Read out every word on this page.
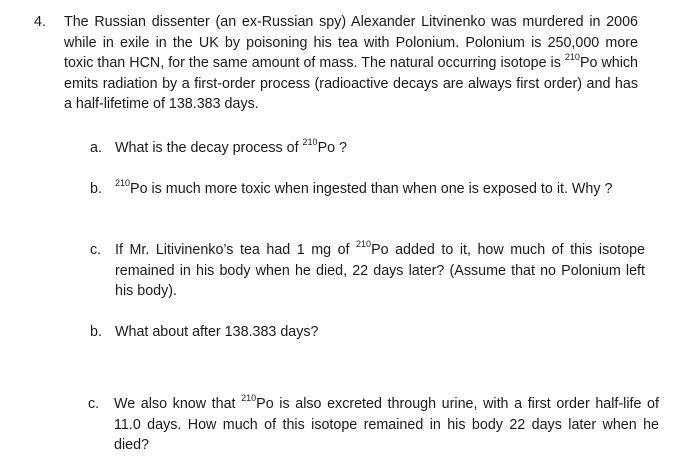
4. The Russian dissenter (an ex-Russian spy) Alexander Litvinenko was murdered in 2006 while in exile in the UK by poisoning his tea with Polonium. Polonium is 250,000 more toxic than HCN, for the same amount of mass. The natural occurring isotope is $^{210}$Po which emits radiation by a first-order process (radioactive decays are always first order) and has a half-lifetime of 138.383 days.
a. What is the decay process of $^{210}$Po ?
b. $^{210}$Po is much more toxic when ingested than when one is exposed to it. Why ?
c. If Mr. Litivinenko’s tea had 1 mg of $^{210}$Po added to it, how much of this isotope remained in his body when he died, 22 days later? (Assume that no Polonium left his body).
b. What about after 138.383 days?
c. We also know that $^{210}$Po is also excreted through urine, with a first order half-life of 11.0 days. How much of this isotope remained in his body 22 days later when he died?
